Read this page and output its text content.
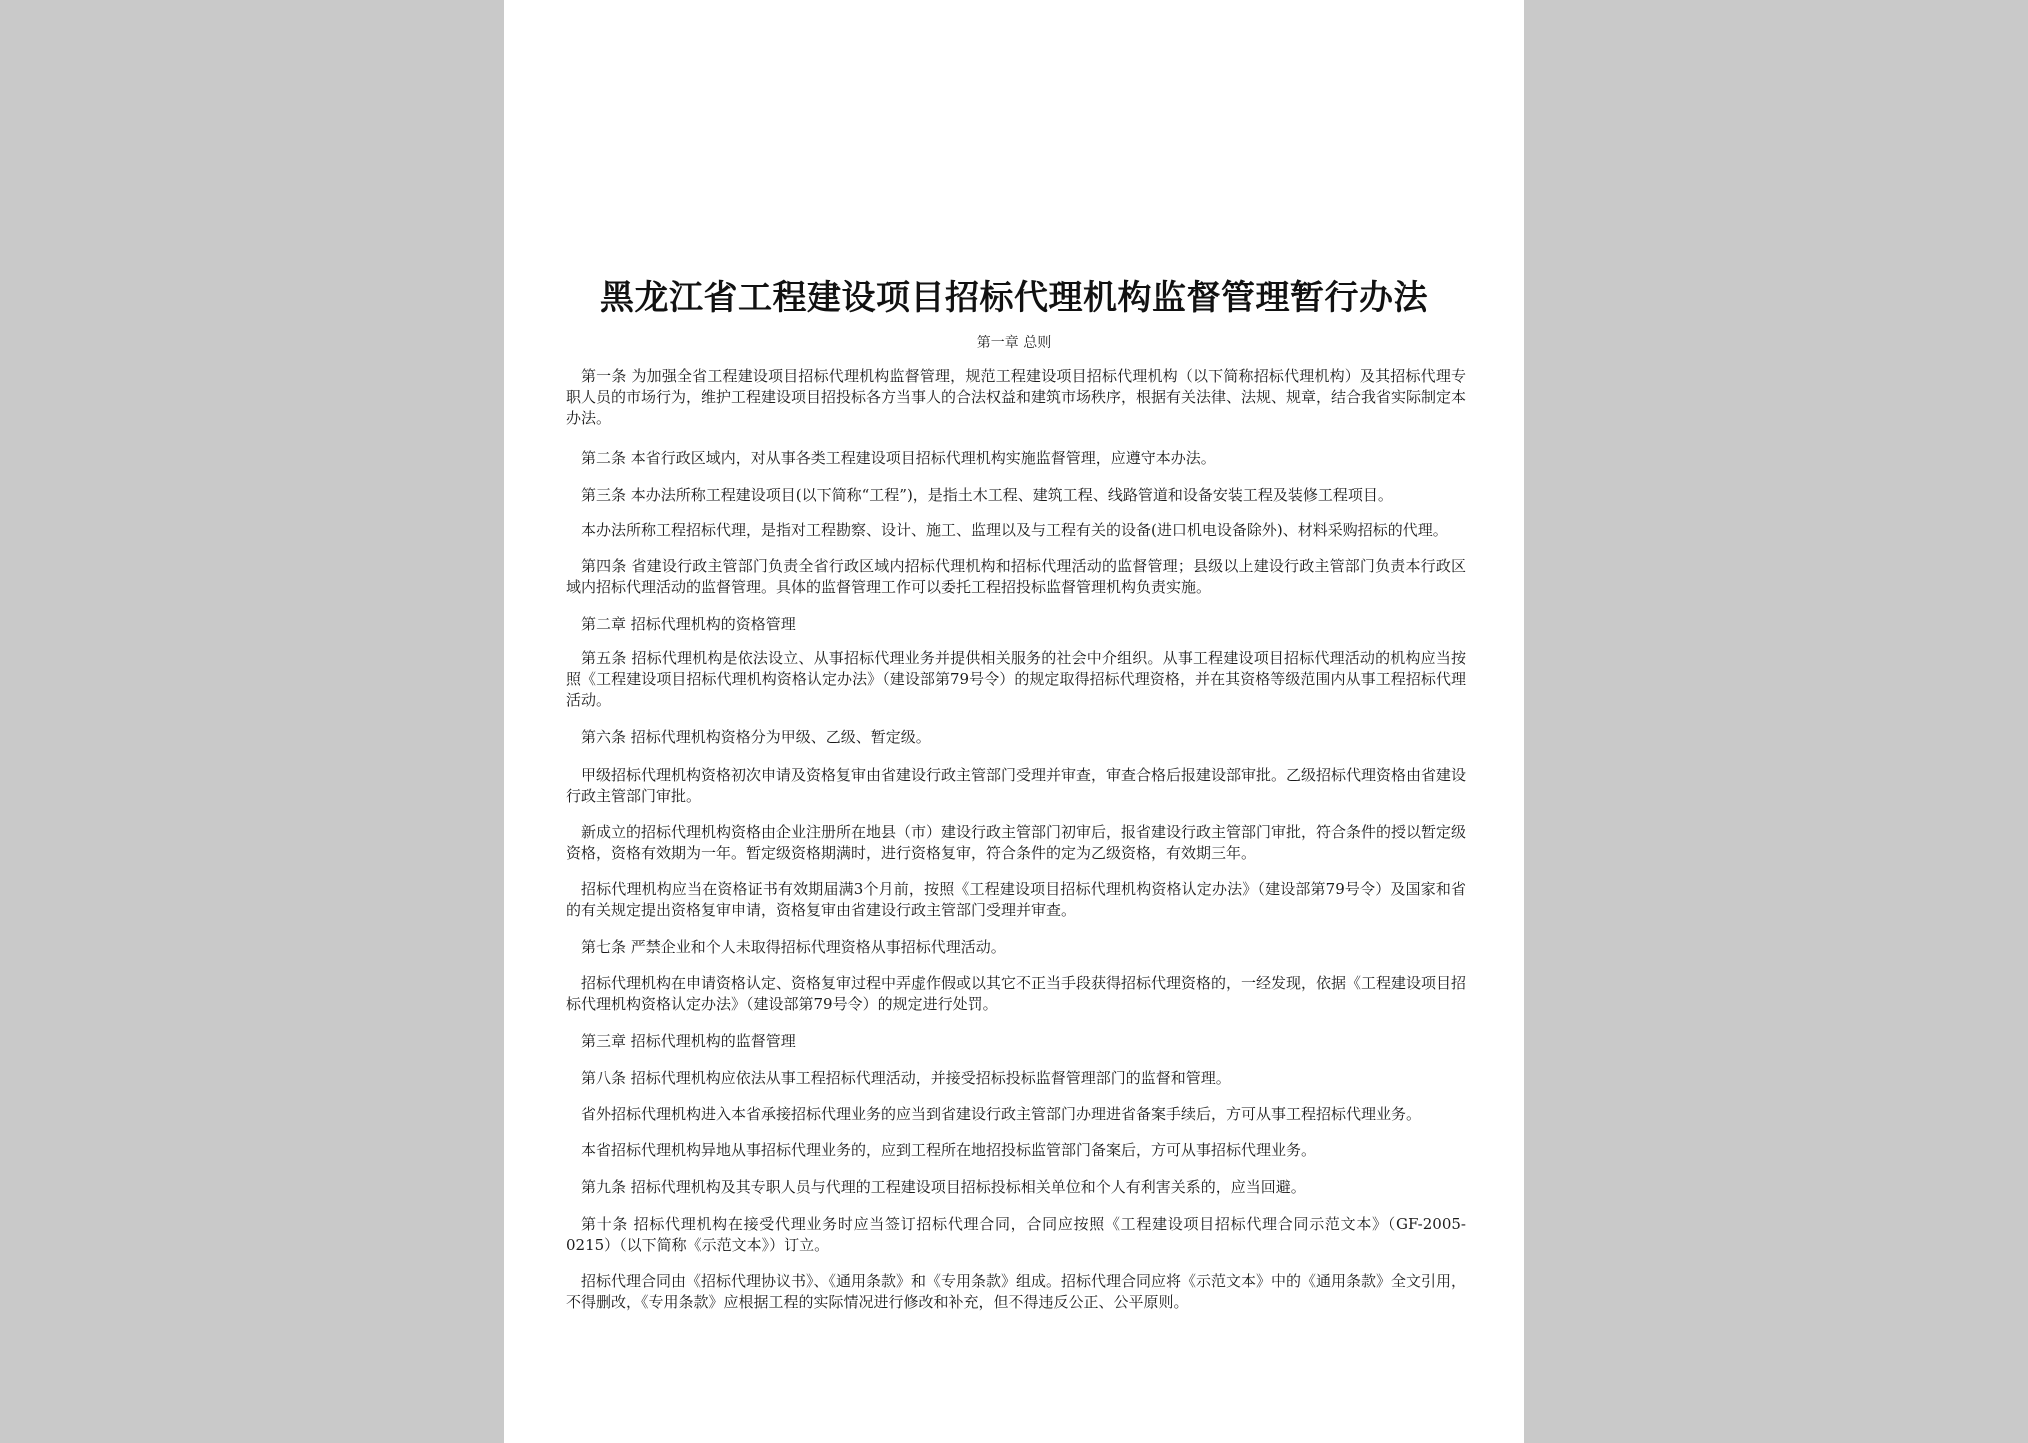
黑龙江省工程建设项目招标代理机构监督管理暂行办法
第一章 总则

第一条 为加强全省工程建设项目招标代理机构监督管理，规范工程建设项目招标代理机构（以下简称招标代理机构）及其招标代理专职人员的市场行为，维护工程建设项目招投标各方当事人的合法权益和建筑市场秩序，根据有关法律、法规、规章，结合我省实际制定本办法。

第二条 本省行政区域内，对从事各类工程建设项目招标代理机构实施监督管理，应遵守本办法。

第三条 本办法所称工程建设项目(以下简称“工程”)，是指土木工程、建筑工程、线路管道和设备安装工程及装修工程项目。

本办法所称工程招标代理，是指对工程勘察、设计、施工、监理以及与工程有关的设备(进口机电设备除外)、材料采购招标的代理。

第四条 省建设行政主管部门负责全省行政区域内招标代理机构和招标代理活动的监督管理；县级以上建设行政主管部门负责本行政区域内招标代理活动的监督管理。具体的监督管理工作可以委托工程招投标监督管理机构负责实施。

第二章 招标代理机构的资格管理

第五条 招标代理机构是依法设立、从事招标代理业务并提供相关服务的社会中介组织。从事工程建设项目招标代理活动的机构应当按照《工程建设项目招标代理机构资格认定办法》（建设部第79号令）的规定取得招标代理资格，并在其资格等级范围内从事工程招标代理活动。

第六条 招标代理机构资格分为甲级、乙级、暂定级。

甲级招标代理机构资格初次申请及资格复审由省建设行政主管部门受理并审查，审查合格后报建设部审批。乙级招标代理资格由省建设行政主管部门审批。

新成立的招标代理机构资格由企业注册所在地县（市）建设行政主管部门初审后，报省建设行政主管部门审批，符合条件的授以暂定级资格，资格有效期为一年。暂定级资格期满时，进行资格复审，符合条件的定为乙级资格，有效期三年。

招标代理机构应当在资格证书有效期届满3个月前，按照《工程建设项目招标代理机构资格认定办法》（建设部第79号令）及国家和省的有关规定提出资格复审申请，资格复审由省建设行政主管部门受理并审查。

第七条 严禁企业和个人未取得招标代理资格从事招标代理活动。

招标代理机构在申请资格认定、资格复审过程中弄虚作假或以其它不正当手段获得招标代理资格的，一经发现，依据《工程建设项目招标代理机构资格认定办法》（建设部第79号令）的规定进行处罚。

第三章 招标代理机构的监督管理

第八条 招标代理机构应依法从事工程招标代理活动，并接受招标投标监督管理部门的监督和管理。

省外招标代理机构进入本省承接招标代理业务的应当到省建设行政主管部门办理进省备案手续后，方可从事工程招标代理业务。

本省招标代理机构异地从事招标代理业务的，应到工程所在地招投标监管部门备案后，方可从事招标代理业务。

第九条 招标代理机构及其专职人员与代理的工程建设项目招标投标相关单位和个人有利害关系的，应当回避。

第十条 招标代理机构在接受代理业务时应当签订招标代理合同，合同应按照《工程建设项目招标代理合同示范文本》（GF-2005-0215）（以下简称《示范文本》）订立。

招标代理合同由《招标代理协议书》、《通用条款》和《专用条款》组成。招标代理合同应将《示范文本》中的《通用条款》全文引用，不得删改，《专用条款》应根据工程的实际情况进行修改和补充，但不得违反公正、公平原则。
